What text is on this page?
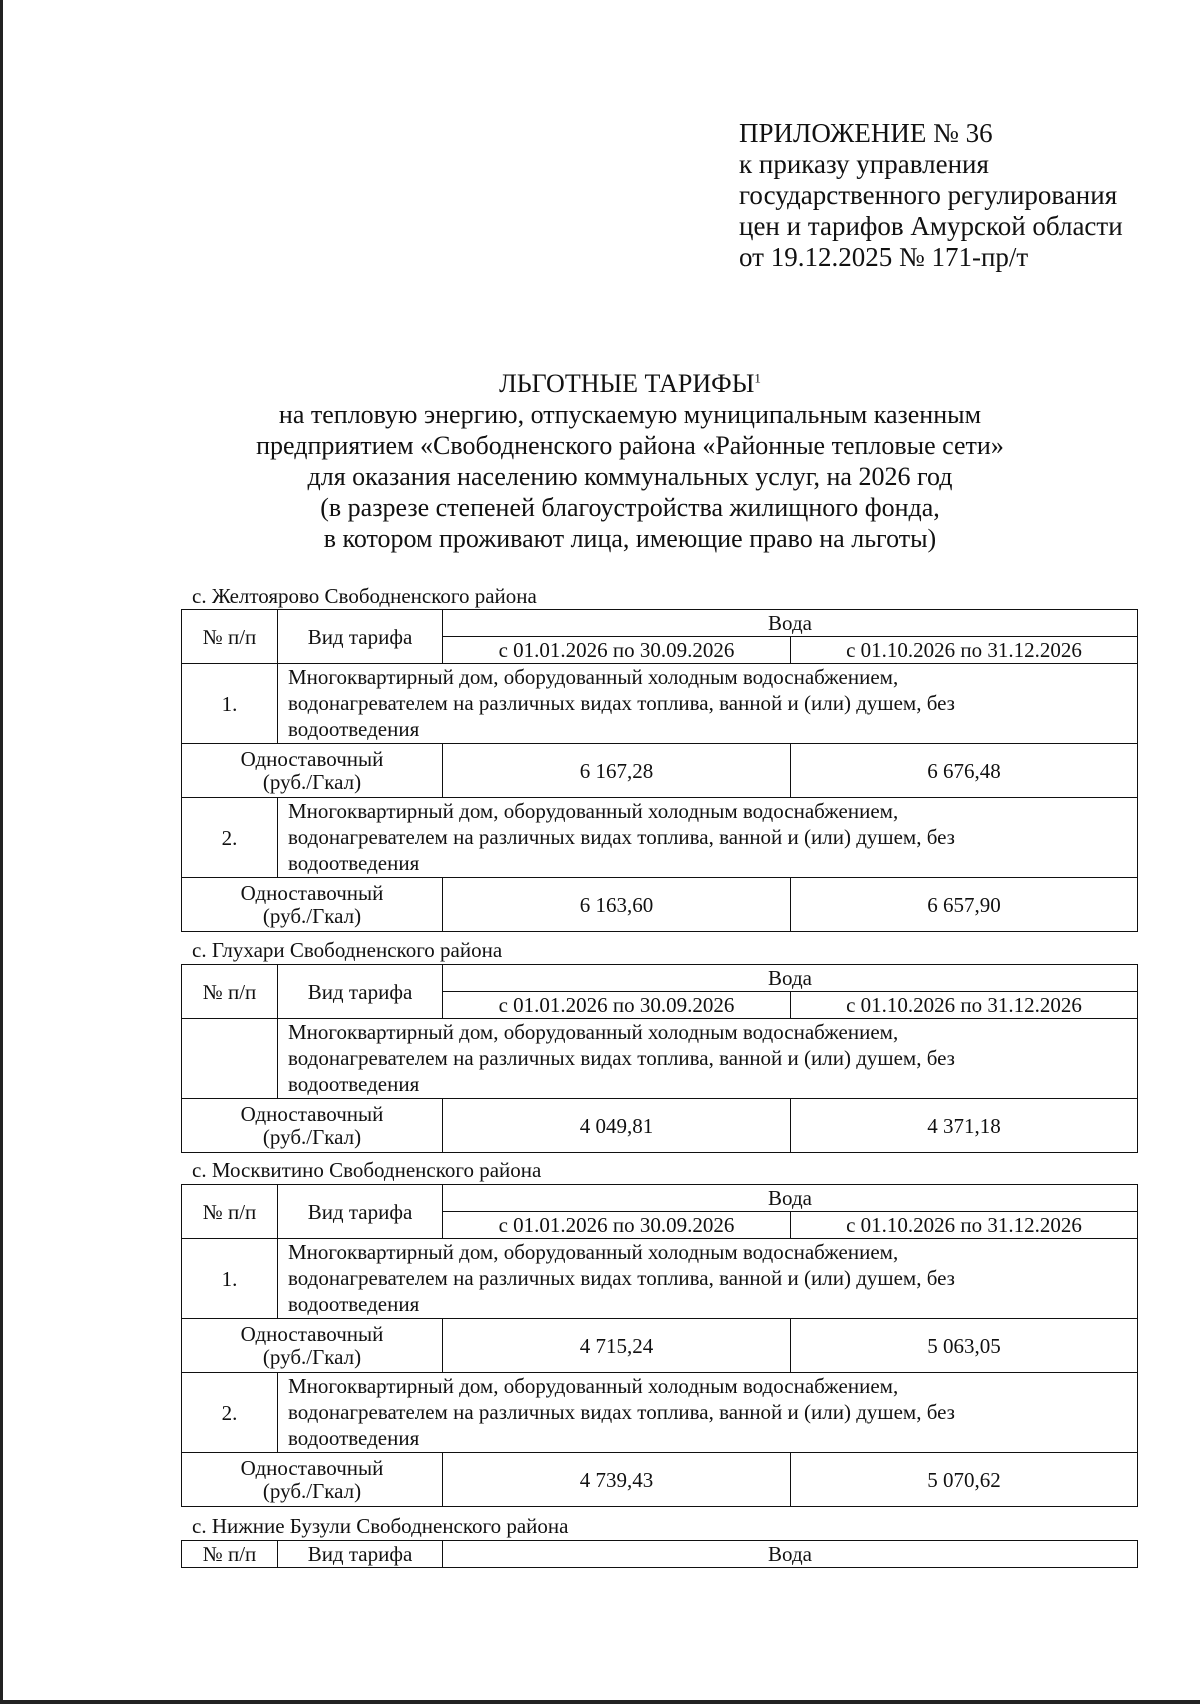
ПРИЛОЖЕНИЕ № 36
к приказу управления
государственного регулирования
цен и тарифов Амурской области
от 19.12.2025 № 171-пр/т
ЛЬГОТНЫЕ ТАРИФЫ$^1$
на тепловую энергию, отпускаемую муниципальным казенным
предприятием «Свободненского района «Районные тепловые сети»
для оказания населению коммунальных услуг, на 2026 год
(в разрезе степеней благоустройства жилищного фонда,
в котором проживают лица, имеющие право на льготы)
с. Желтоярово Свободненского района
№ п/п	Вид тарифа	Вода	
		с 01.01.2026 по 30.09.2026	с 01.10.2026 по 31.12.2026
1.	Многоквартирный дом, оборудованный холодным водоснабжением,
водонагревателем на различных видах топлива, ванной и (или) душем, без
водоотведения		

Одноставочный
(руб./Гкал)		6 167,28	6 676,48
2.	Многоквартирный дом, оборудованный холодным водоснабжением,
водонагревателем на различных видах топлива, ванной и (или) душем, без
водоотведения		

Одноставочный
(руб./Гкал)		6 163,60	6 657,90
с. Глухари Свободненского района
№ п/п	Вид тарифа	Вода	
		с 01.01.2026 по 30.09.2026	с 01.10.2026 по 31.12.2026

	Многоквартирный дом, оборудованный холодным водоснабжением,
водонагревателем на различных видах топлива, ванной и (или) душем, без
водоотведения		

Одноставочный
(руб./Гкал)		4 049,81	4 371,18
с. Москвитино Свободненского района
№ п/п	Вид тарифа	Вода	
		с 01.01.2026 по 30.09.2026	с 01.10.2026 по 31.12.2026
1.	Многоквартирный дом, оборудованный холодным водоснабжением,
водонагревателем на различных видах топлива, ванной и (или) душем, без
водоотведения		

Одноставочный
(руб./Гкал)		4 715,24	5 063,05
2.	Многоквартирный дом, оборудованный холодным водоснабжением,
водонагревателем на различных видах топлива, ванной и (или) душем, без
водоотведения		

Одноставочный
(руб./Гкал)		4 739,43	5 070,62
с. Нижние Бузули Свободненского района
№ п/п	Вид тарифа	Вода
